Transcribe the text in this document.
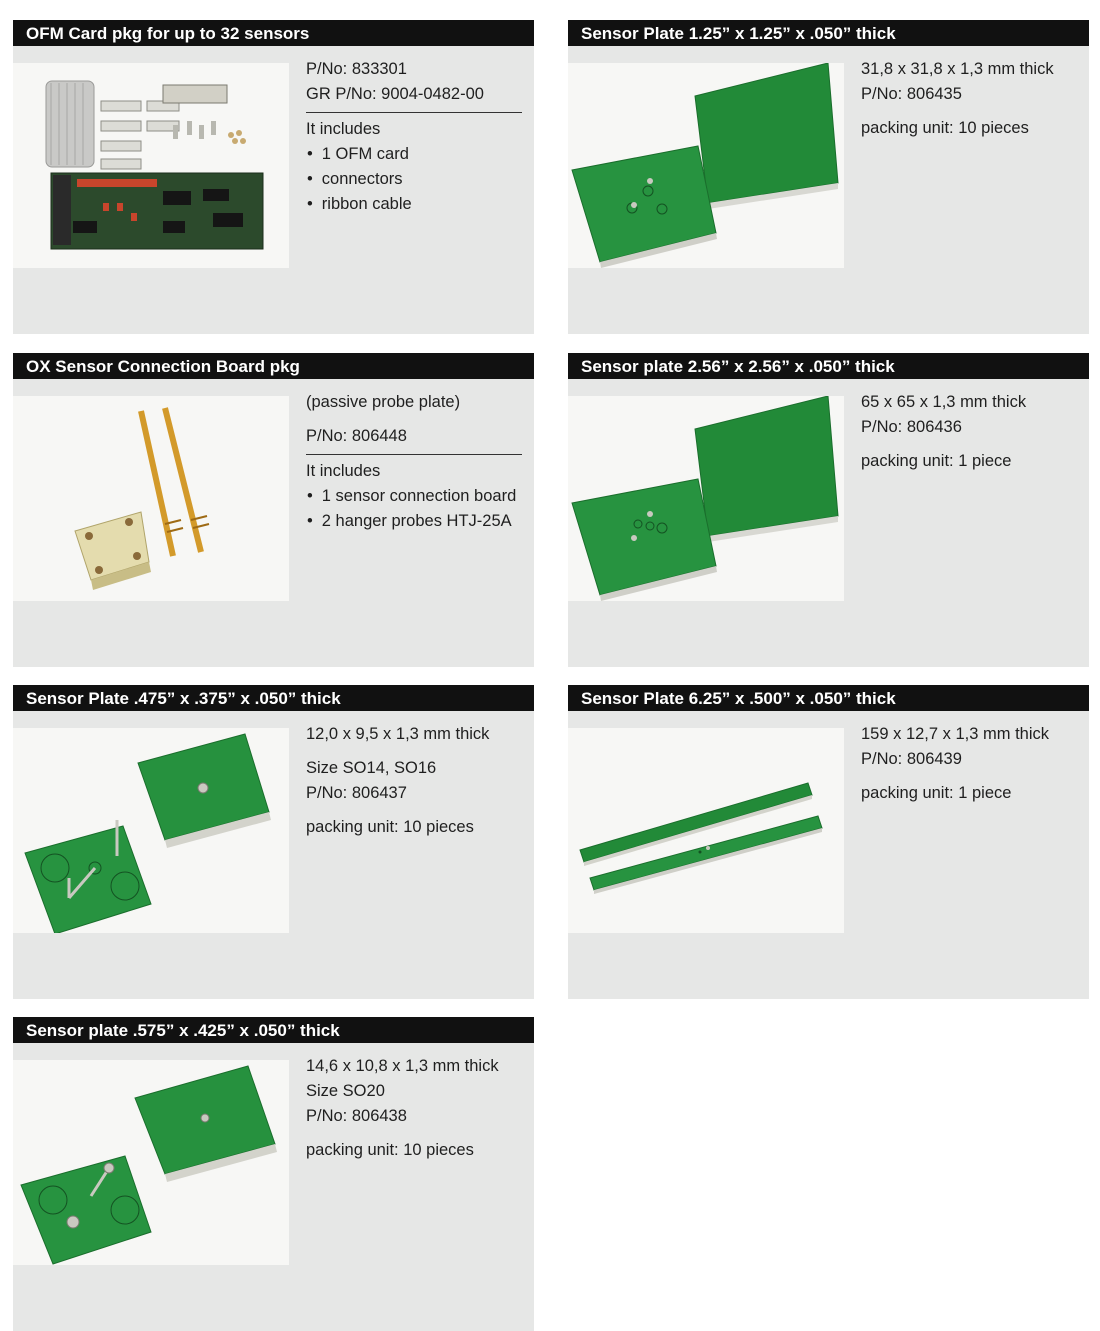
OFM Card pkg for up to 32 sensors
P/No: 833301
GR P/No: 9004-0482-00
It includes
• 1 OFM card
• connectors
• ribbon cable
Sensor Plate 1.25” x 1.25” x .050” thick
31,8 x 31,8 x 1,3 mm thick
P/No: 806435
packing unit: 10 pieces
OX Sensor Connection Board pkg
(passive probe plate)
P/No: 806448
It includes
• 1 sensor connection board
• 2 hanger probes HTJ-25A
Sensor plate 2.56” x 2.56” x .050” thick
65 x 65 x 1,3 mm thick
P/No: 806436
packing unit: 1 piece
Sensor Plate .475” x .375” x .050” thick
12,0 x 9,5 x 1,3 mm thick
Size SO14, SO16
P/No: 806437
packing unit: 10 pieces
Sensor Plate 6.25” x .500” x .050” thick
159 x 12,7 x 1,3 mm thick
P/No: 806439
packing unit: 1 piece
Sensor plate .575” x .425” x .050” thick
14,6 x 10,8 x 1,3 mm thick
Size SO20
P/No: 806438
packing unit: 10 pieces
